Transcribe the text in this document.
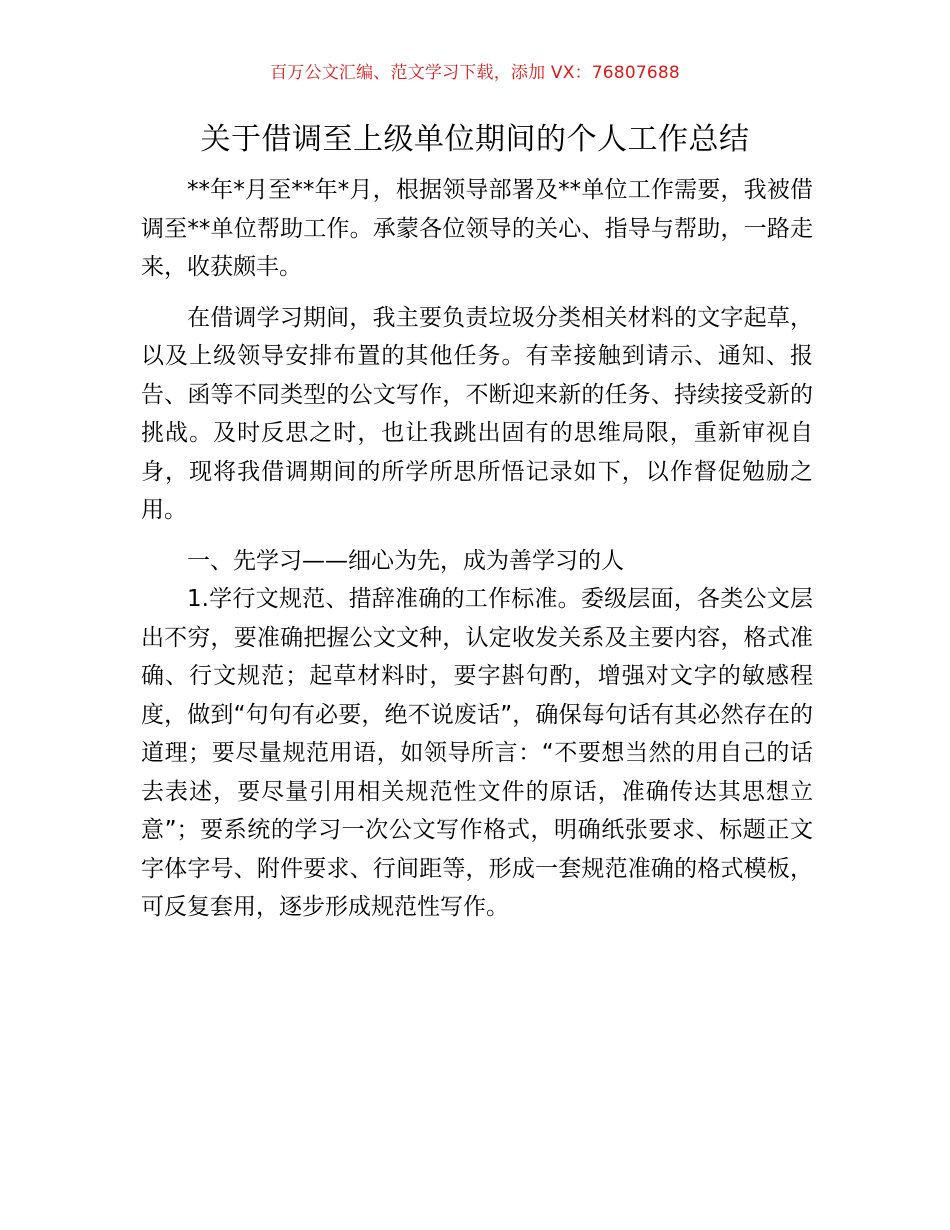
百万公文汇编、范文学习下载，添加 VX：76807688
关于借调至上级单位期间的个人工作总结

**年*月至**年*月，根据领导部署及**单位工作需要，我被借调至**单位帮助工作。承蒙各位领导的关心、指导与帮助，一路走来，收获颇丰。

在借调学习期间，我主要负责垃圾分类相关材料的文字起草，以及上级领导安排布置的其他任务。有幸接触到请示、通知、报告、函等不同类型的公文写作，不断迎来新的任务、持续接受新的挑战。及时反思之时，也让我跳出固有的思维局限，重新审视自身，现将我借调期间的所学所思所悟记录如下，以作督促勉励之用。

一、先学习——细心为先，成为善学习的人

1.学行文规范、措辞准确的工作标准。委级层面，各类公文层出不穷，要准确把握公文文种，认定收发关系及主要内容，格式准确、行文规范；起草材料时，要字斟句酌，增强对文字的敏感程度，做到“句句有必要，绝不说废话”，确保每句话有其必然存在的道理；要尽量规范用语，如领导所言：“不要想当然的用自己的话去表述，要尽量引用相关规范性文件的原话，准确传达其思想立意”；要系统的学习一次公文写作格式，明确纸张要求、标题正文字体字号、附件要求、行间距等，形成一套规范准确的格式模板，可反复套用，逐步形成规范性写作。
